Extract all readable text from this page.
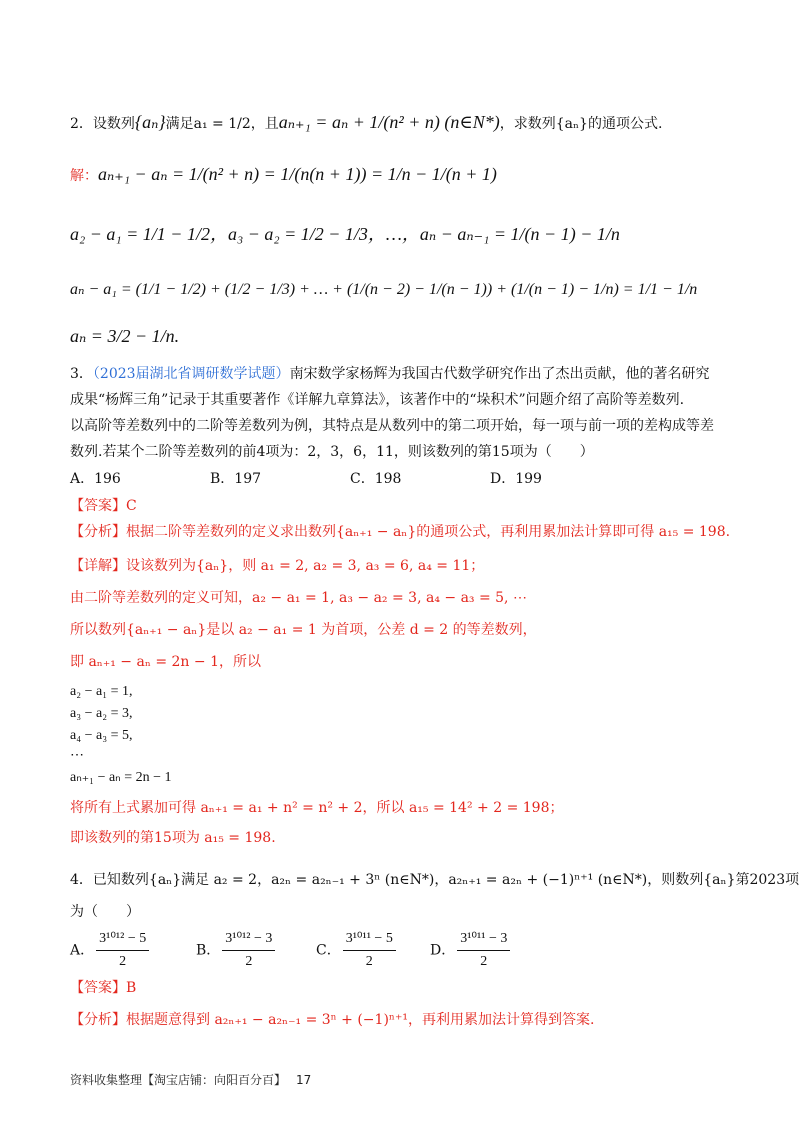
2．设数列{aₙ}满足a₁ = 1/2，且aₙ₊₁ = aₙ + 1/(n² + n) (n∈N*)，求数列{aₙ}的通项公式.
解：aₙ₊₁ − aₙ = 1/(n² + n) = 1/(n(n + 1)) = 1/n − 1/(n + 1)
a₂ − a₁ = 1/1 − 1/2，a₃ − a₂ = 1/2 − 1/3，…，aₙ − aₙ₋₁ = 1/(n − 1) − 1/n
aₙ − a₁ = (1/1 − 1/2) + (1/2 − 1/3) + … + (1/(n − 2) − 1/(n − 1)) + (1/(n − 1) − 1/n) = 1/1 − 1/n
aₙ = 3/2 − 1/n.
3．（2023届湖北省调研数学试题）南宋数学家杨辉为我国古代数学研究作出了杰出贡献，他的著名研究
成果“杨辉三角”记录于其重要著作《详解九章算法》，该著作中的“垛积术”问题介绍了高阶等差数列.
以高阶等差数列中的二阶等差数列为例，其特点是从数列中的第二项开始，每一项与前一项的差构成等差
数列.若某个二阶等差数列的前4项为：2，3，6，11，则该数列的第15项为（　　）
A．196	B．197	C．198	D．199
【答案】C
【分析】根据二阶等差数列的定义求出数列{aₙ₊₁ − aₙ}的通项公式，再利用累加法计算即可得 a₁₅ = 198.
【详解】设该数列为{aₙ}，则 a₁ = 2, a₂ = 3, a₃ = 6, a₄ = 11；
由二阶等差数列的定义可知，a₂ − a₁ = 1, a₃ − a₂ = 3, a₄ − a₃ = 5, ⋯
所以数列{aₙ₊₁ − aₙ}是以 a₂ − a₁ = 1 为首项，公差 d = 2 的等差数列，
即 aₙ₊₁ − aₙ = 2n − 1，所以
a₂ − a₁ = 1,
a₃ − a₂ = 3,
a₄ − a₃ = 5,
⋯
aₙ₊₁ − aₙ = 2n − 1
将所有上式累加可得 aₙ₊₁ = a₁ + n² = n² + 2，所以 a₁₅ = 14² + 2 = 198；
即该数列的第15项为 a₁₅ = 198.
4．已知数列{aₙ}满足 a₂ = 2，a₂ₙ = a₂ₙ₋₁ + 3ⁿ (n∈N*)，a₂ₙ₊₁ = a₂ₙ + (−1)ⁿ⁺¹ (n∈N*)，则数列{aₙ}第2023项
为（　　）
A． $\frac{\text{3¹⁰¹² − 5}}{2}$	B． $\frac{\text{3¹⁰¹² − 3}}{2}$	C． $\frac{\text{3¹⁰¹¹ − 5}}{2}$ D． $\frac{\text{3¹⁰¹¹ − 3}}{2}$
【答案】B
【分析】根据题意得到 a₂ₙ₊₁ − a₂ₙ₋₁ = 3ⁿ + (−1)ⁿ⁺¹，再利用累加法计算得到答案.
资料收集整理【淘宝店铺：向阳百分百】 17
